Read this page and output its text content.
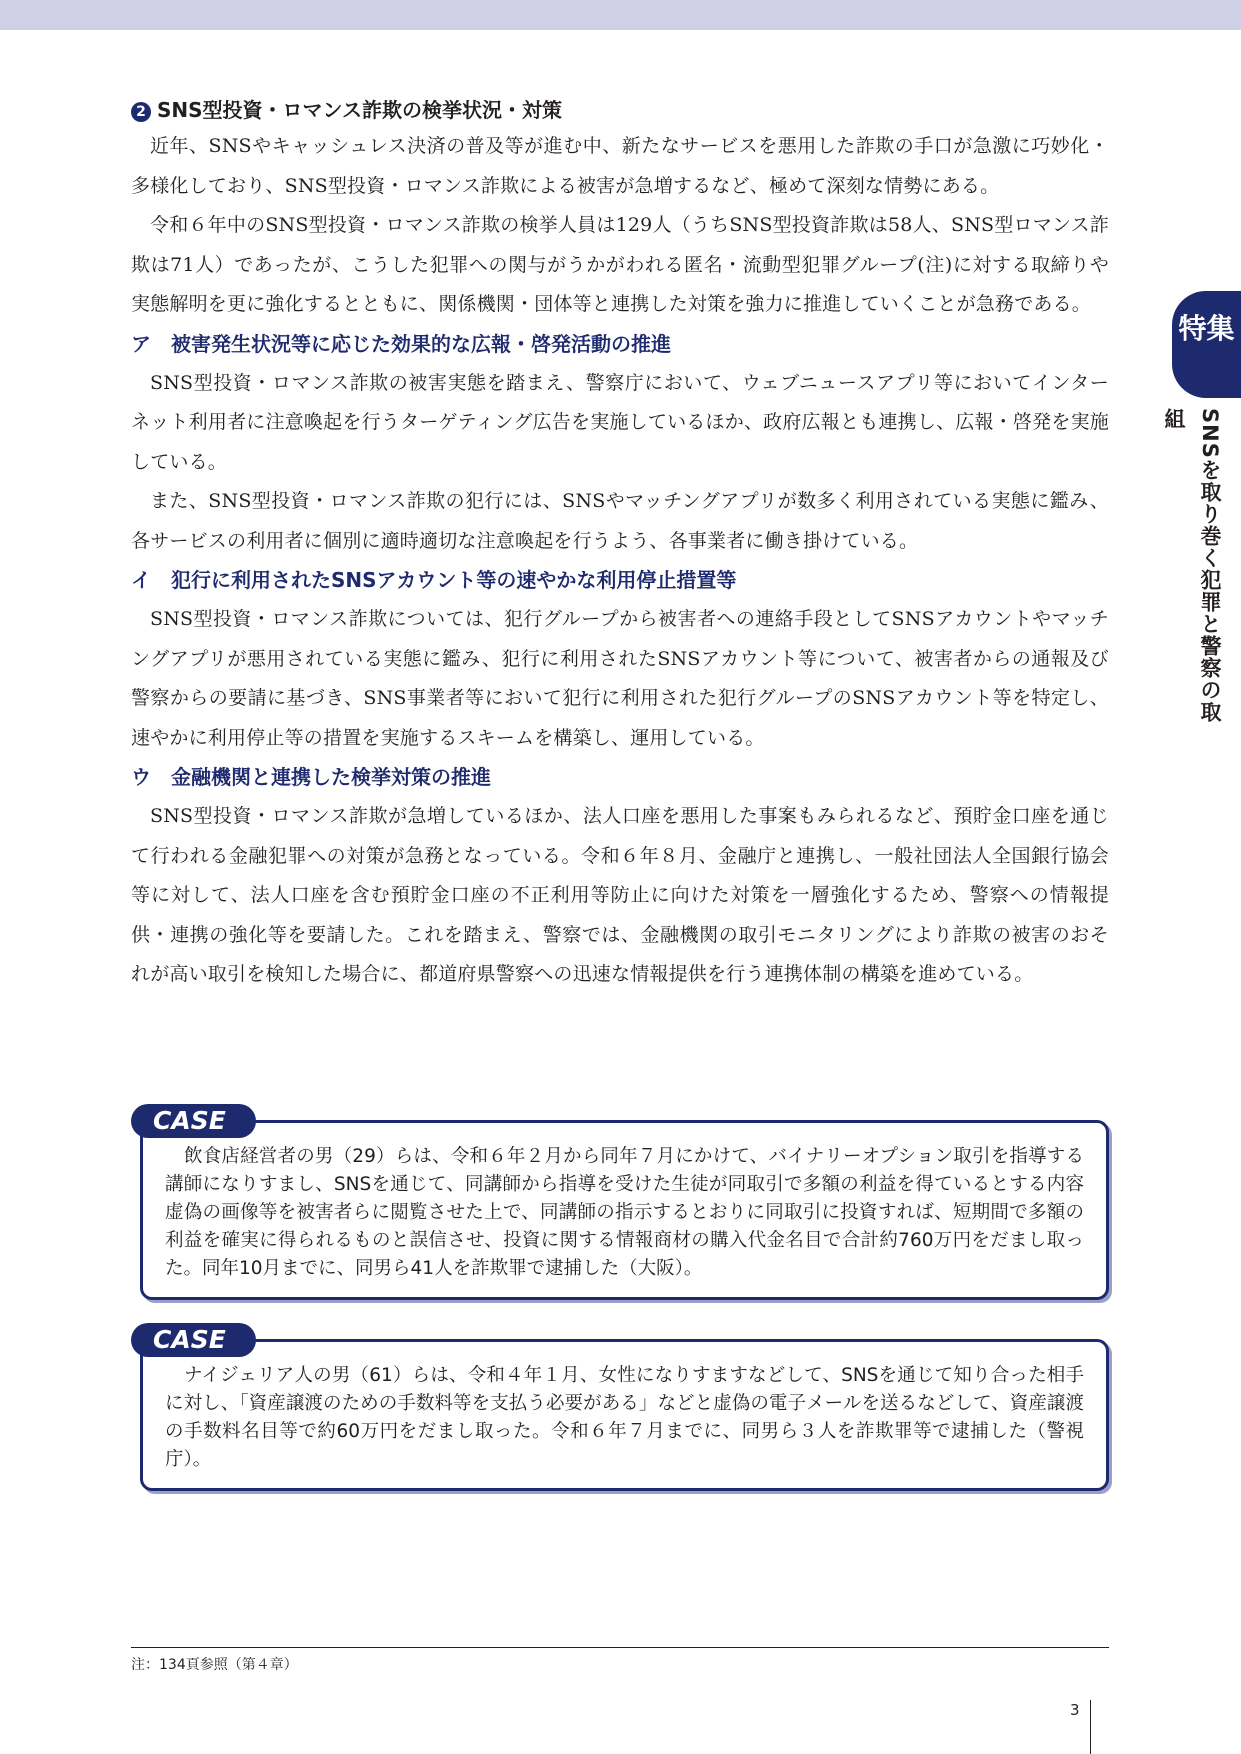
2 SNS型投資・ロマンス詐欺の検挙状況・対策

近年、SNSやキャッシュレス決済の普及等が進む中、新たなサービスを悪用した詐欺の手口が急激に巧妙化・多様化しており、SNS型投資・ロマンス詐欺による被害が急増するなど、極めて深刻な情勢にある。

令和６年中のSNS型投資・ロマンス詐欺の検挙人員は129人（うちSNS型投資詐欺は58人、SNS型ロマンス詐欺は71人）であったが、こうした犯罪への関与がうかがわれる匿名・流動型犯罪グループ(注)に対する取締りや実態解明を更に強化するとともに、関係機関・団体等と連携した対策を強力に推進していくことが急務である。

ア 被害発生状況等に応じた効果的な広報・啓発活動の推進

SNS型投資・ロマンス詐欺の被害実態を踏まえ、警察庁において、ウェブニュースアプリ等においてインターネット利用者に注意喚起を行うターゲティング広告を実施しているほか、政府広報とも連携し、広報・啓発を実施している。

また、SNS型投資・ロマンス詐欺の犯行には、SNSやマッチングアプリが数多く利用されている実態に鑑み、各サービスの利用者に個別に適時適切な注意喚起を行うよう、各事業者に働き掛けている。

イ 犯行に利用されたSNSアカウント等の速やかな利用停止措置等

SNS型投資・ロマンス詐欺については、犯行グループから被害者への連絡手段としてSNSアカウントやマッチングアプリが悪用されている実態に鑑み、犯行に利用されたSNSアカウント等について、被害者からの通報及び警察からの要請に基づき、SNS事業者等において犯行に利用された犯行グループのSNSアカウント等を特定し、速やかに利用停止等の措置を実施するスキームを構築し、運用している。

ウ 金融機関と連携した検挙対策の推進

SNS型投資・ロマンス詐欺が急増しているほか、法人口座を悪用した事案もみられるなど、預貯金口座を通じて行われる金融犯罪への対策が急務となっている。令和６年８月、金融庁と連携し、一般社団法人全国銀行協会等に対して、法人口座を含む預貯金口座の不正利用等防止に向けた対策を一層強化するため、警察への情報提供・連携の強化等を要請した。これを踏まえ、警察では、金融機関の取引モニタリングにより詐欺の被害のおそれが高い取引を検知した場合に、都道府県警察への迅速な情報提供を行う連携体制の構築を進めている。

CASE

飲食店経営者の男（29）らは、令和６年２月から同年７月にかけて、バイナリーオプション取引を指導する講師になりすまし、SNSを通じて、同講師から指導を受けた生徒が同取引で多額の利益を得ているとする内容虚偽の画像等を被害者らに閲覧させた上で、同講師の指示するとおりに同取引に投資すれば、短期間で多額の利益を確実に得られるものと誤信させ、投資に関する情報商材の購入代金名目で合計約760万円をだまし取った。同年10月までに、同男ら41人を詐欺罪で逮捕した（大阪）。

CASE

ナイジェリア人の男（61）らは、令和４年１月、女性になりすますなどして、SNSを通じて知り合った相手に対し、「資産譲渡のための手数料等を支払う必要がある」などと虚偽の電子メールを送るなどして、資産譲渡の手数料名目等で約60万円をだまし取った。令和６年７月までに、同男ら３人を詐欺罪等で逮捕した（警視庁）。

特集
SNSを取り巻く犯罪と警察の取組
注：134頁参照（第４章）
3
